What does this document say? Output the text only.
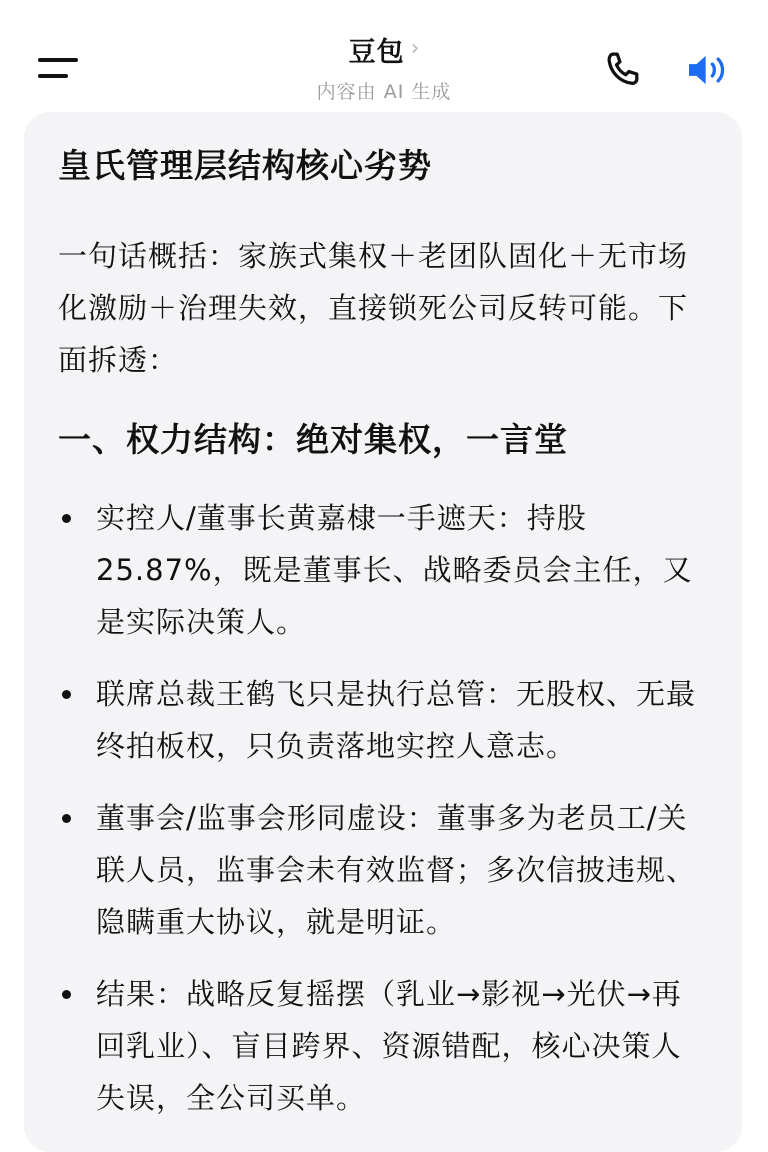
豆包 ›
内容由 AI 生成
皇氏管理层结构核心劣势

一句话概括：家族式集权＋老团队固化＋无市场化激励＋治理失效，直接锁死公司反转可能。下面拆透：

一、权力结构：绝对集权，一言堂
实控人/董事长黄嘉棣一手遮天：持股25.87%，既是董事长、战略委员会主任，又是实际决策人。
联席总裁王鹤飞只是执行总管：无股权、无最终拍板权，只负责落地实控人意志。
董事会/监事会形同虚设：董事多为老员工/关联人员，监事会未有效监督；多次信披违规、隐瞒重大协议，就是明证。
结果：战略反复摇摆（乳业→影视→光伏→再回乳业）、盲目跨界、资源错配，核心决策人失误，全公司买单。
